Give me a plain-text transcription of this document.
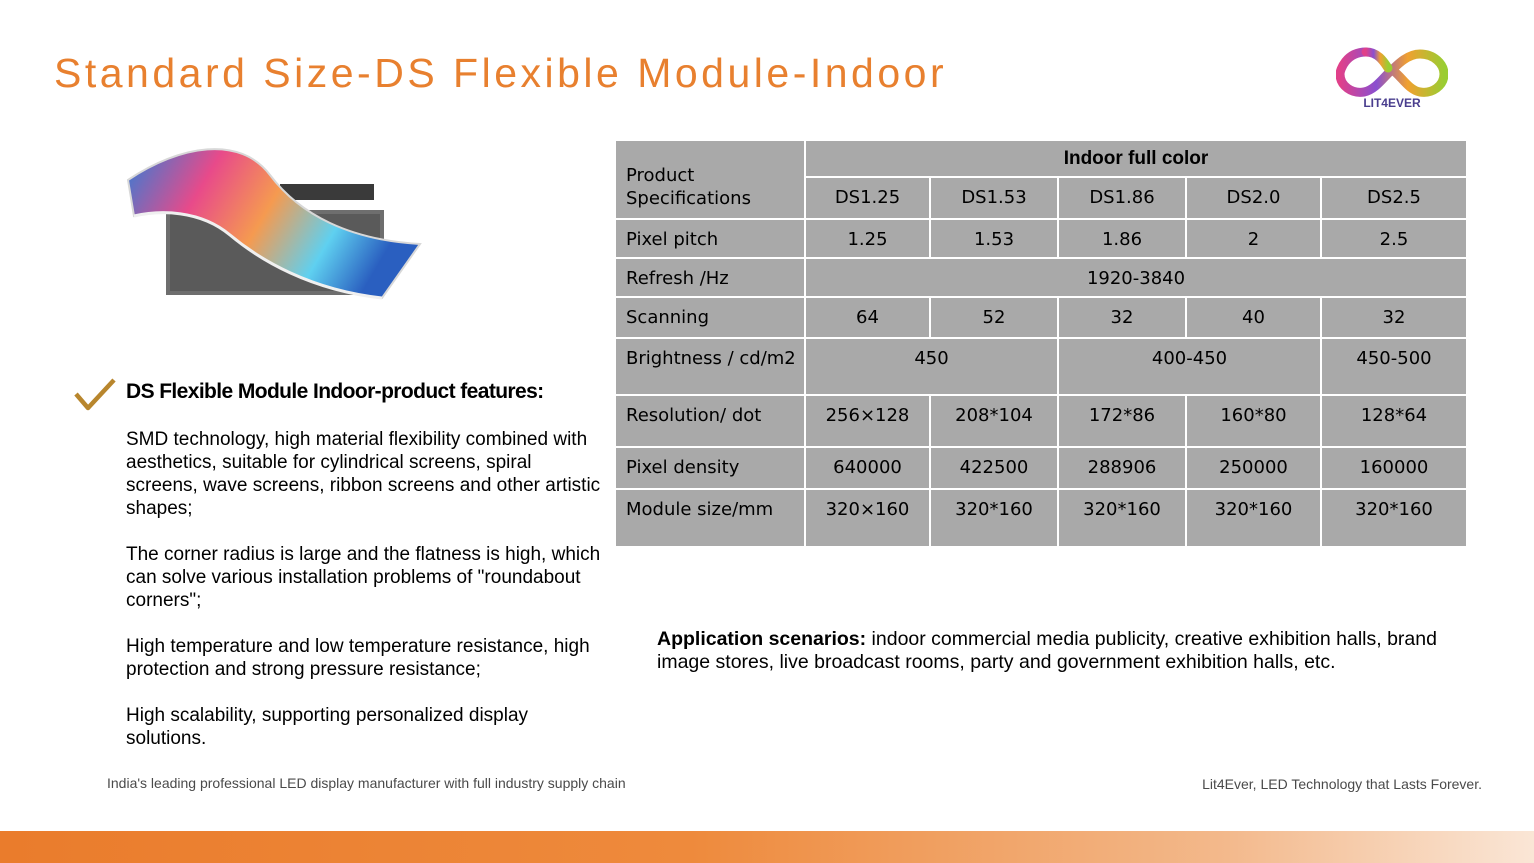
Standard Size-DS Flexible Module-Indoor
LIT4EVER
DS Flexible Module Indoor-product features:

SMD technology, high material flexibility combined with aesthetics, suitable for cylindrical screens, spiral screens, wave screens, ribbon screens and other artistic shapes;

The corner radius is large and the flatness is high, which can solve various installation problems of "roundabout corners";

High temperature and low temperature resistance, high protection and strong pressure resistance;

High scalability, supporting personalized display solutions.

Product Specifications	Indoor full color				
	DS1.25	DS1.53	DS1.86	DS2.0	DS2.5
Pixel pitch	1.25	1.53	1.86	2	2.5
Refresh /Hz	1920-3840				
Scanning	64	52	32	40	32
Brightness / cd/m2	450		400-450		450-500
Resolution/ dot	256×128	208*104	172*86	160*80	128*64
Pixel density	640000	422500	288906	250000	160000
Module size/mm	320×160	320*160	320*160	320*160	320*160
Application scenarios: indoor commercial media publicity, creative exhibition halls, brand image stores, live broadcast rooms, party and government exhibition halls, etc.
India's leading professional LED display manufacturer with full industry supply chain	Lit4Ever, LED Technology that Lasts Forever.
